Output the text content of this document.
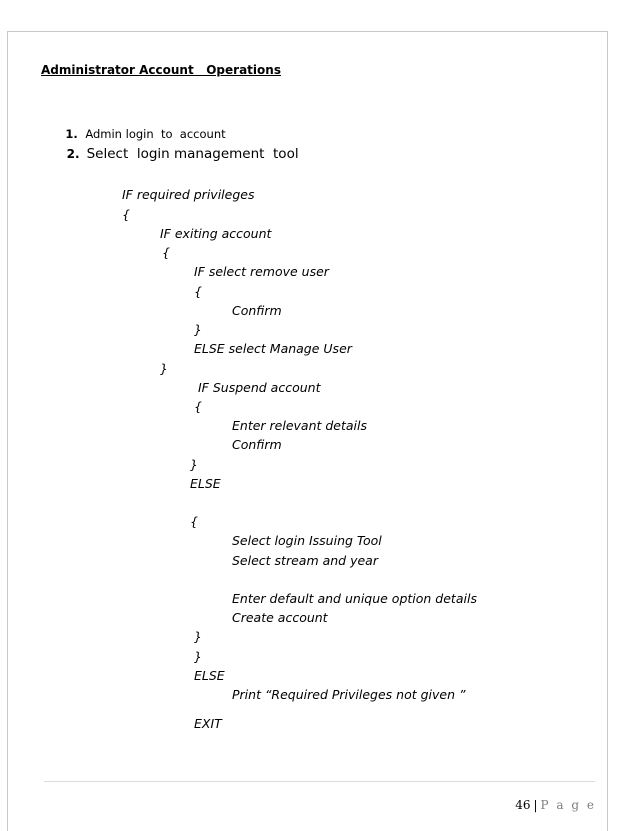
Administrator Account   Operations

1. Admin login  to  account

2. Select  login management  tool

IF required privileges
{
IF exiting account
{
IF select remove user
{
Confirm
}
ELSE select Manage User
}
IF Suspend account
{
Enter relevant details
Confirm
}
ELSE
{
Select login Issuing Tool
Select stream and year
Enter default and unique option details
Create account
}
}
ELSE
Print “Required Privileges not given ”
EXIT

46 | P a g e
